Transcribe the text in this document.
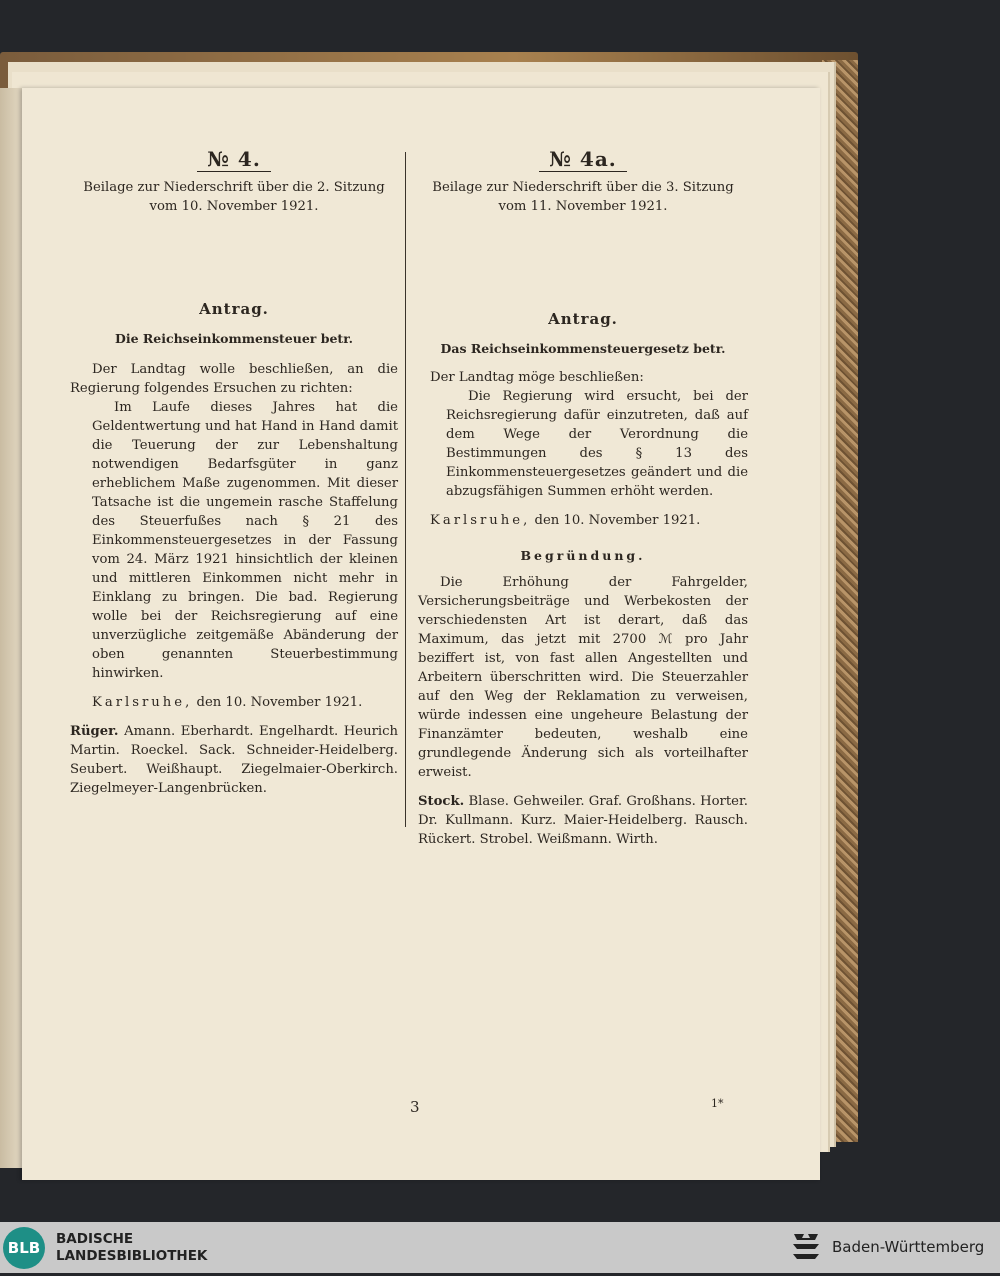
№ 4.

Beilage zur Niederschrift über die 2. Sitzung

vom 10. November 1921.

Antrag.
Die Reichseinkommensteuer betr.

Der Landtag wolle beschließen, an die Regierung folgendes Ersuchen zu richten:

Im Laufe dieses Jahres hat die Geldentwertung und hat Hand in Hand damit die Teuerung der zur Lebenshaltung notwendigen Bedarfsgüter in ganz erheblichem Maße zugenommen. Mit dieser Tatsache ist die ungemein rasche Staffelung des Steuerfußes nach § 21 des Einkommensteuergesetzes in der Fassung vom 24. März 1921 hinsichtlich der kleinen und mittleren Einkommen nicht mehr in Einklang zu bringen. Die bad. Regierung wolle bei der Reichsregierung auf eine unverzügliche zeitgemäße Abänderung der oben genannten Steuerbestimmung hinwirken.

Karlsruhe, den 10. November 1921.

Rüger. Amann. Eberhardt. Engelhardt. Heurich Martin. Roeckel. Sack. Schneider-Heidelberg. Seubert. Weißhaupt. Ziegelmaier-Oberkirch. Ziegelmeyer-Langenbrücken.

№ 4a.

Beilage zur Niederschrift über die 3. Sitzung

vom 11. November 1921.

Antrag.
Das Reichseinkommensteuergesetz betr.

Der Landtag möge beschließen:

Die Regierung wird ersucht, bei der Reichsregierung dafür einzutreten, daß auf dem Wege der Verordnung die Bestimmungen des § 13 des Einkommensteuergesetzes geändert und die abzugsfähigen Summen erhöht werden.

Karlsruhe, den 10. November 1921.

Begründung.

Die Erhöhung der Fahrgelder, Versicherungsbeiträge und Werbekosten der verschiedensten Art ist derart, daß das Maximum, das jetzt mit 2700 ℳ pro Jahr beziffert ist, von fast allen Angestellten und Arbeitern überschritten wird. Die Steuerzahler auf den Weg der Reklamation zu verweisen, würde indessen eine ungeheure Belastung der Finanzämter bedeuten, weshalb eine grundlegende Änderung sich als vorteilhafter erweist.

Stock. Blase. Gehweiler. Graf. Großhans. Horter. Dr. Kullmann. Kurz. Maier-Heidelberg. Rausch. Rückert. Strobel. Weißmann. Wirth.

3	1*
BLB	BADISCHE
LANDESBIBLIOTHEK	Baden-Württemberg
